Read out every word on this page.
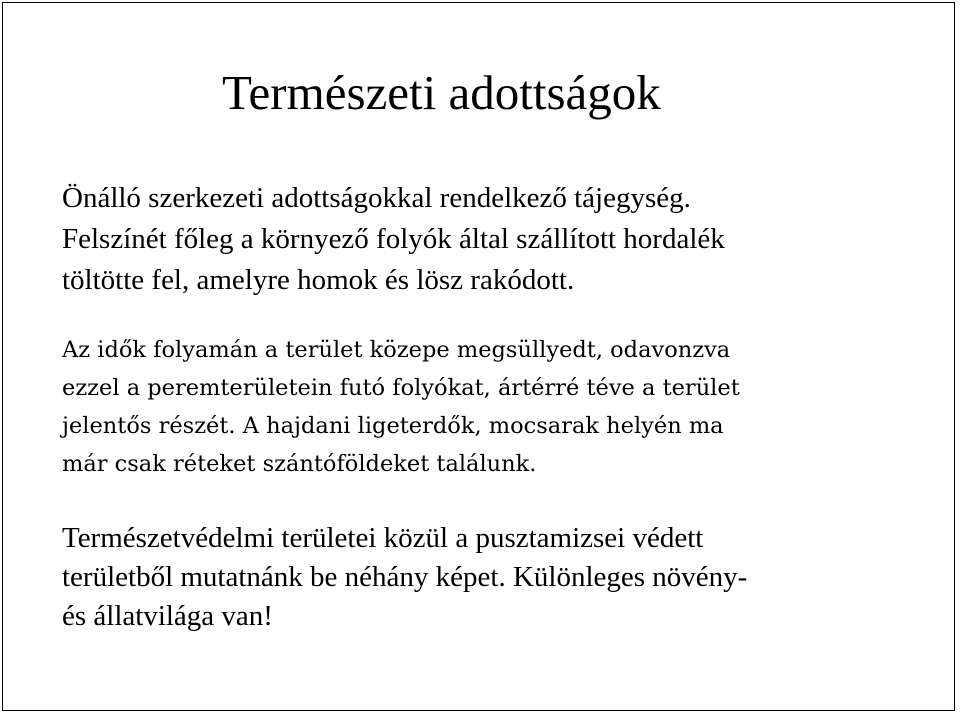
Természeti adottságok

Önálló szerkezeti adottságokkal rendelkező tájegység.
Felszínét főleg a környező folyók által szállított hordalék
töltötte fel, amelyre homok és lösz rakódott.

Az idők folyamán a terület közepe megsüllyedt, odavonzva
ezzel a peremterületein futó folyókat, ártérré téve a terület
jelentős részét. A hajdani ligeterdők, mocsarak helyén ma
már csak réteket szántóföldeket találunk.

Természetvédelmi területei közül a pusztamizsei védett
területből mutatnánk be néhány képet. Különleges növény-
és állatvilága van!
